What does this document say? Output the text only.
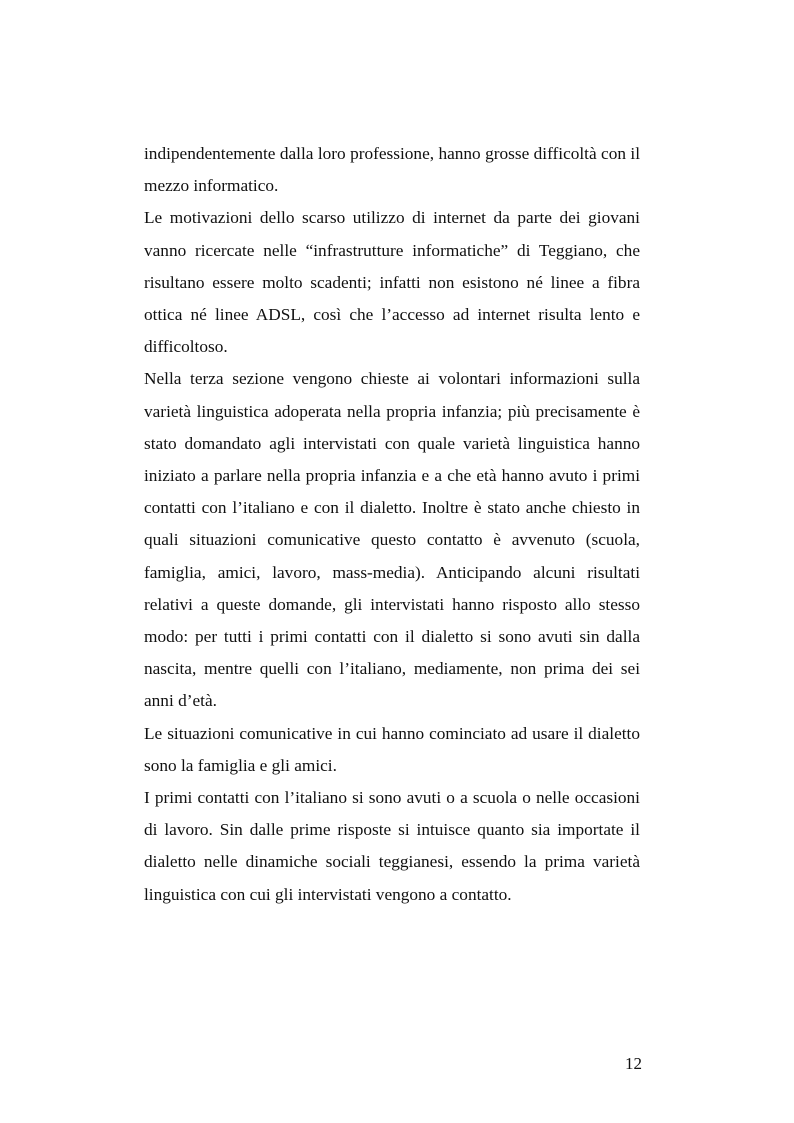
indipendentemente dalla loro professione, hanno grosse difficoltà con il mezzo informatico.

Le motivazioni dello scarso utilizzo di internet da parte dei giovani vanno ricercate nelle “infrastrutture informatiche” di Teggiano, che risultano essere molto scadenti; infatti non esistono né linee a fibra ottica né linee ADSL, così che l’accesso ad internet risulta lento e difficoltoso.

Nella terza sezione vengono chieste ai volontari informazioni sulla varietà linguistica adoperata nella propria infanzia; più precisamente è stato domandato agli intervistati con quale varietà linguistica hanno iniziato a parlare nella propria infanzia e a che età hanno avuto i primi contatti con l’italiano e con il dialetto. Inoltre è stato anche chiesto in quali situazioni comunicative questo contatto è avvenuto (scuola, famiglia, amici, lavoro, mass-media). Anticipando alcuni risultati relativi a queste domande, gli intervistati hanno risposto allo stesso modo: per tutti i primi contatti con il dialetto si sono avuti sin dalla nascita, mentre quelli con l’italiano, mediamente, non prima dei sei anni d’età.

Le situazioni comunicative in cui hanno cominciato ad usare il dialetto sono la famiglia e gli amici.

I primi contatti con l’italiano si sono avuti o a scuola o nelle occasioni di lavoro. Sin dalle prime risposte si intuisce quanto sia importate il dialetto nelle dinamiche sociali teggianesi, essendo la prima varietà linguistica con cui gli intervistati vengono a contatto.

12
